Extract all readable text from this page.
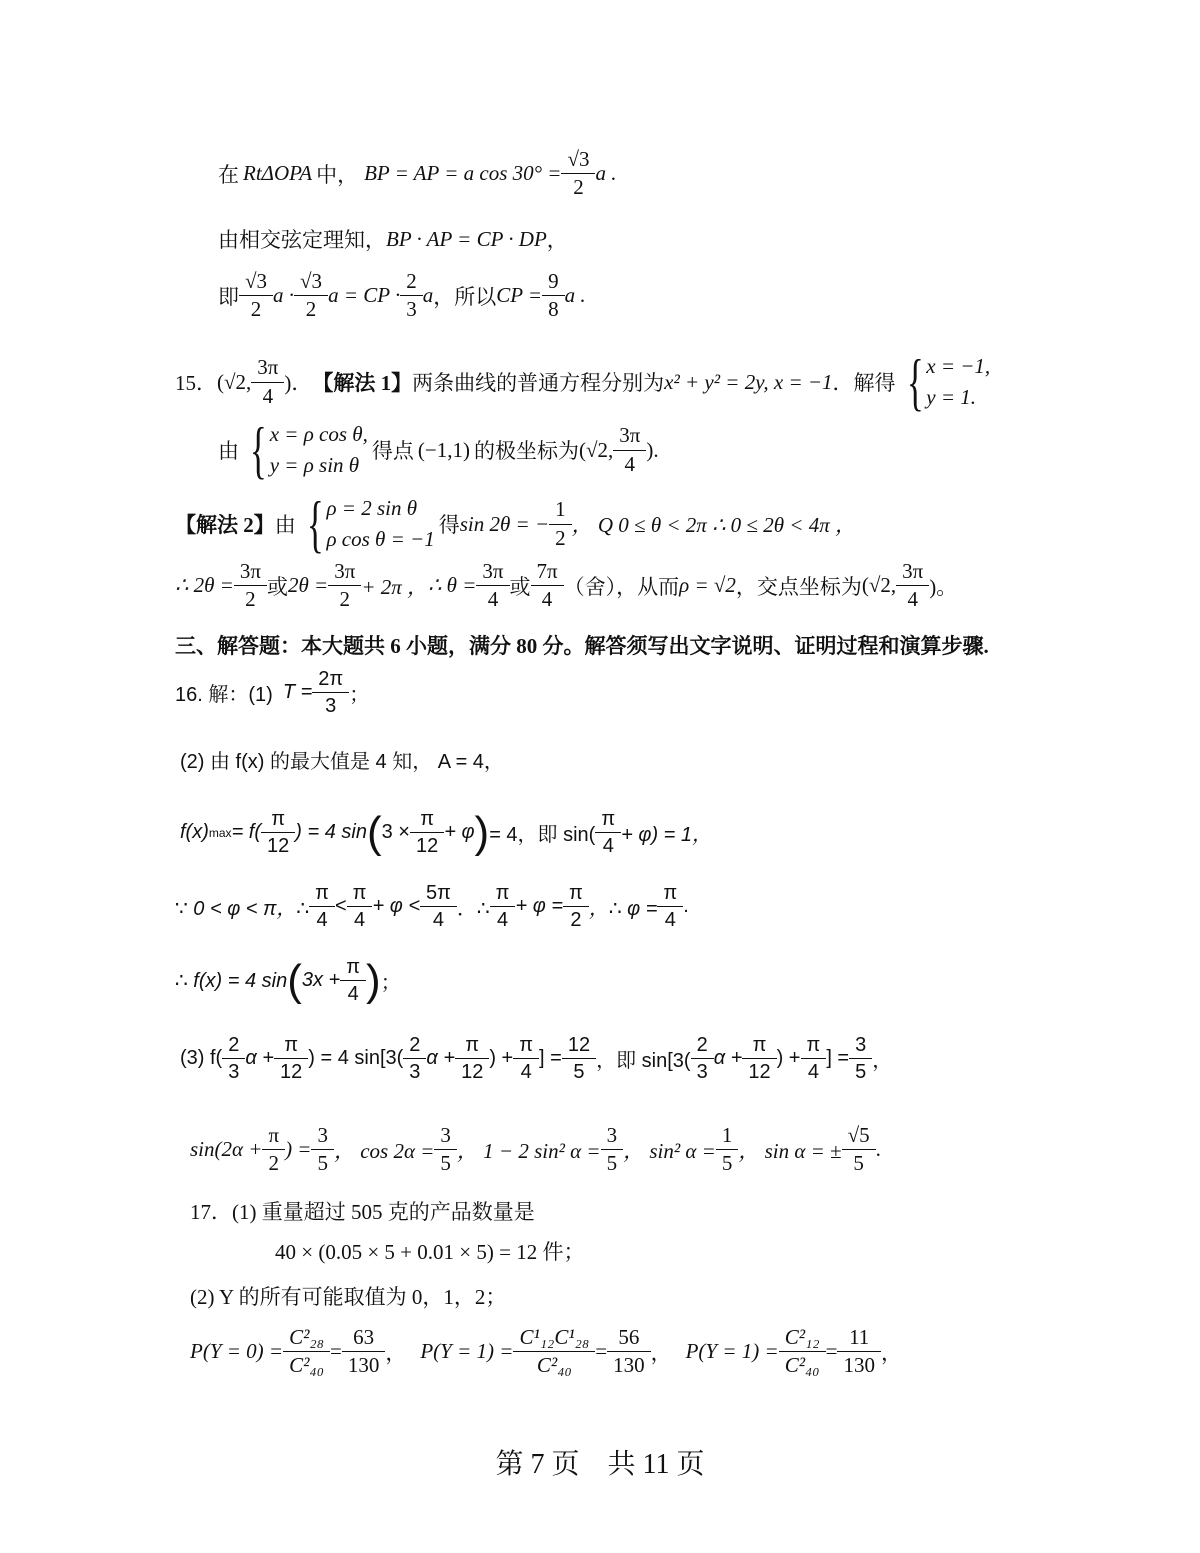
在 RtΔOPA 中， BP = AP = a $\cos 30^\circ = \frac{√3}{2}$ a .
由相交弦定理知， BP · AP = CP · DP ，
即 $\frac{√3}{2}$ $a \cdot \frac{√3}{2}$ a = CP · $\frac{2}{3}$ a ，所以 CP = $\frac{9}{8}$ a .
15． (√2, $\frac{3\pi}{4}$ )． 【解法 1】 两条曲线的普通方程分别为 x² + y² = 2y, x = −1 ．解得 { x = −1,
y = 1.
由 { x = ρ cos θ,
y = ρ sin θ
得点 (−1,1) 的极坐标为 (√2, $\frac{3\pi}{4}$ ).
【解法 2】 由 { ρ = 2 sin θ
ρ cos θ = −1
得 sin 2θ = − $\frac{1}{2}$ ， Q 0 ≤ θ < 2π ∴ 0 ≤ 2θ < 4π ，
∴ $2\theta = \frac{3\pi}{2}$ 或 $2\theta = \frac{3\pi}{2} + 2\pi$ ， ∴ $\theta = \frac{3\pi}{4}$ 或 $\frac{7\pi}{4}$ （舍），从而 ρ = √2 ，交点坐标为 (√2, $\frac{3\pi}{4}$ )。
三、解答题：本大题共 6 小题，满分 80 分。解答须写出文字说明、证明过程和演算步骤.
16. 解：(1) $T = \frac{2\pi}{3}$ ；
(2) 由 f(x) 的最大值是 4 知， A = 4，
f(x) $\max = f( \frac{\pi}{12}$ ) = 4 sin ( $3 \times \frac{\pi}{12} + \varphi$ ) = 4，即 $\sin( \frac{\pi}{4} + \varphi) = 1$，
∵ 0 < φ < π，∴ $\frac{\pi}{4} < \frac{\pi}{4} + \varphi < \frac{5\pi}{4}$ ．∴ $\frac{\pi}{4} + \varphi = \frac{\pi}{2}$ ，∴ $\varphi = \frac{\pi}{4}$ .
∴ f(x) = 4 sin ( $3x + \frac{\pi}{4}$ ) ；
(3) $f( \frac{2}{3}$ $\alpha + \frac{\pi}{12}$ ) = 4 $\sin[3( \frac{2}{3}$ $\alpha + \frac{\pi}{12}$ ) + $\frac{\pi}{4}$ ] = $\frac{12}{5}$ ，即 $\sin[3( \frac{2}{3}$ $\alpha + \frac{\pi}{12}$ ) + $\frac{\pi}{4}$ ] = $\frac{3}{5}$ ，
$\sin(2\alpha + \frac{\pi}{2}$ ) = $\frac{3}{5}$ ， $\cos 2\alpha = \frac{3}{5}$ ， 1 − 2 sin² $\alpha = \frac{3}{5}$ ， sin² $\alpha = \frac{1}{5}$ ， sin α = ± $\frac{√5}{5}$ .
17．(1) 重量超过 505 克的产品数量是
40 × (0.05 × 5 + 0.01 × 5) = 12 件；
(2) Y 的所有可能取值为 0，1，2；
$P(Y = 0) = \frac{\text{C²₂₈}}{\text{C²₄₀}} = \frac{63}{130}$ ， $P(Y = 1) = \frac{\text{C¹₁₂C¹₂₈}}{\text{C²₄₀}} = \frac{56}{130}$ ， $P(Y = 1) = \frac{\text{C²₁₂}}{\text{C²₄₀}} = \frac{11}{130}$ ，
第 7 页　共 11 页
